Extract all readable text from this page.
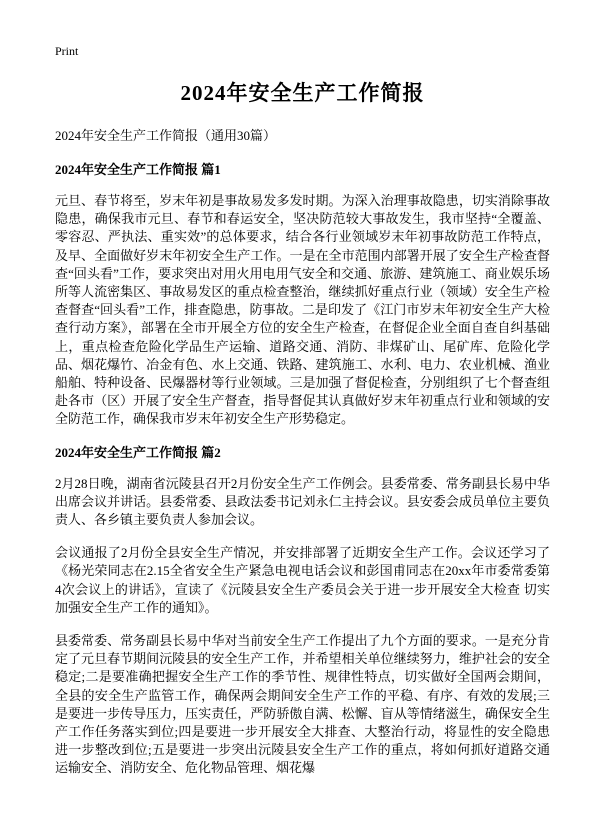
Print
2024年安全生产工作简报

2024年安全生产工作简报（通用30篇）

2024年安全生产工作简报 篇1

元旦、春节将至，岁末年初是事故易发多发时期。为深入治理事故隐患，切实消除事故隐患，确保我市元旦、春节和春运安全，坚决防范较大事故发生，我市坚持“全覆盖、零容忍、严执法、重实效”的总体要求，结合各行业领域岁末年初事故防范工作特点，及早、全面做好岁末年初安全生产工作。一是在全市范围内部署开展了安全生产检查督查“回头看”工作，要求突出对用火用电用气安全和交通、旅游、建筑施工、商业娱乐场所等人流密集区、事故易发区的重点检查整治，继续抓好重点行业（领域）安全生产检查督查“回头看”工作，排查隐患，防事故。二是印发了《江门市岁末年初安全生产大检查行动方案》，部署在全市开展全方位的安全生产检查，在督促企业全面自查自纠基础上，重点检查危险化学品生产运输、道路交通、消防、非煤矿山、尾矿库、危险化学品、烟花爆竹、冶金有色、水上交通、铁路、建筑施工、水利、电力、农业机械、渔业船舶、特种设备、民爆器材等行业领域。三是加强了督促检查，分别组织了七个督查组赴各市（区）开展了安全生产督查，指导督促其认真做好岁末年初重点行业和领域的安全防范工作，确保我市岁末年初安全生产形势稳定。

2024年安全生产工作简报 篇2

2月28日晚，湖南省沅陵县召开2月份安全生产工作例会。县委常委、常务副县长易中华出席会议并讲话。县委常委、县政法委书记刘永仁主持会议。县安委会成员单位主要负责人、各乡镇主要负责人参加会议。

会议通报了2月份全县安全生产情况，并安排部署了近期安全生产工作。会议还学习了《杨光荣同志在2.15全省安全生产紧急电视电话会议和彭国甫同志在20xx年市委常委第4次会议上的讲话》，宣读了《沅陵县安全生产委员会关于进一步开展安全大检查 切实加强安全生产工作的通知》。

县委常委、常务副县长易中华对当前安全生产工作提出了九个方面的要求。一是充分肯定了元旦春节期间沅陵县的安全生产工作，并希望相关单位继续努力，维护社会的安全稳定;二是要准确把握安全生产工作的季节性、规律性特点，切实做好全国两会期间，全县的安全生产监管工作，确保两会期间安全生产工作的平稳、有序、有效的发展;三是要进一步传导压力，压实责任，严防骄傲自满、松懈、盲从等情绪滋生，确保安全生产工作任务落实到位;四是要进一步开展安全大排查、大整治行动，将显性的安全隐患进一步整改到位;五是要进一步突出沅陵县安全生产工作的重点，将如何抓好道路交通运输安全、消防安全、危化物品管理、烟花爆
